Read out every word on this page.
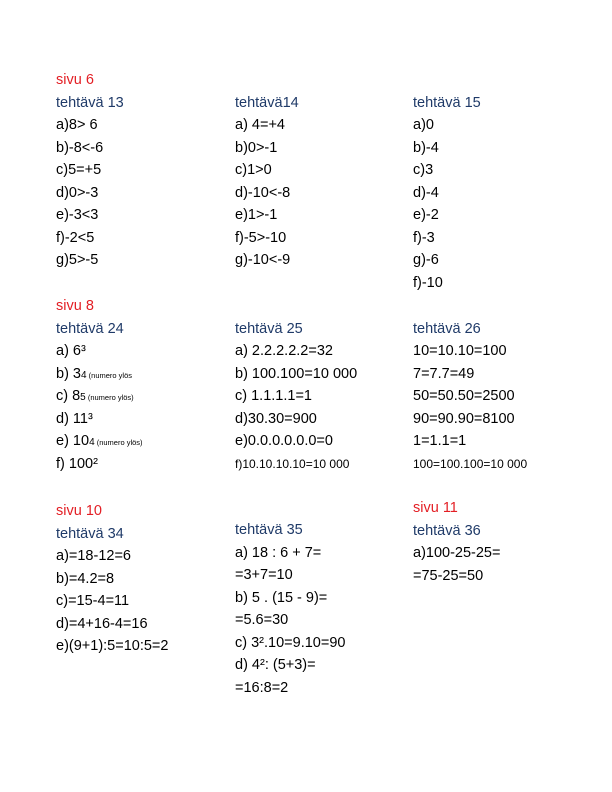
sivu 6
tehtävä 13
a)8> 6
b)-8<-6
c)5=+5
d)0>-3
e)-3<3
f)-2<5
g)5>-5
tehtävä14
a) 4=+4
b)0>-1
c)1>0
d)-10<-8
e)1>-1
f)-5>-10
g)-10<-9
tehtävä 15
a)0
b)-4
c)3
d)-4
e)-2
f)-3
g)-6
f)-10
sivu 8
tehtävä 24
a) 6³
b) 34 (numero ylös
c) 85 (numero ylös)
d) 11³
e) 104 (numero ylös)
f) 100²
tehtävä 25
a) 2.2.2.2.2=32
b) 100.100=10 000
c) 1.1.1.1=1
d)30.30=900
e)0.0.0.0.0.0=0
f)10.10.10.10=10 000
tehtävä 26
10=10.10=100
7=7.7=49
50=50.50=2500
90=90.90=8100
1=1.1=1
100=100.100=10 000
sivu 10
tehtävä 34
a)=18-12=6
b)=4.2=8
c)=15-4=11
d)=4+16-4=16
e)(9+1):5=10:5=2
tehtävä 35
a) 18 : 6 + 7=
=3+7=10
b) 5 . (15 - 9)=
=5.6=30
c) 3².10=9.10=90
d) 4²: (5+3)=
=16:8=2
sivu 11
tehtävä 36
a)100-25-25=
=75-25=50
